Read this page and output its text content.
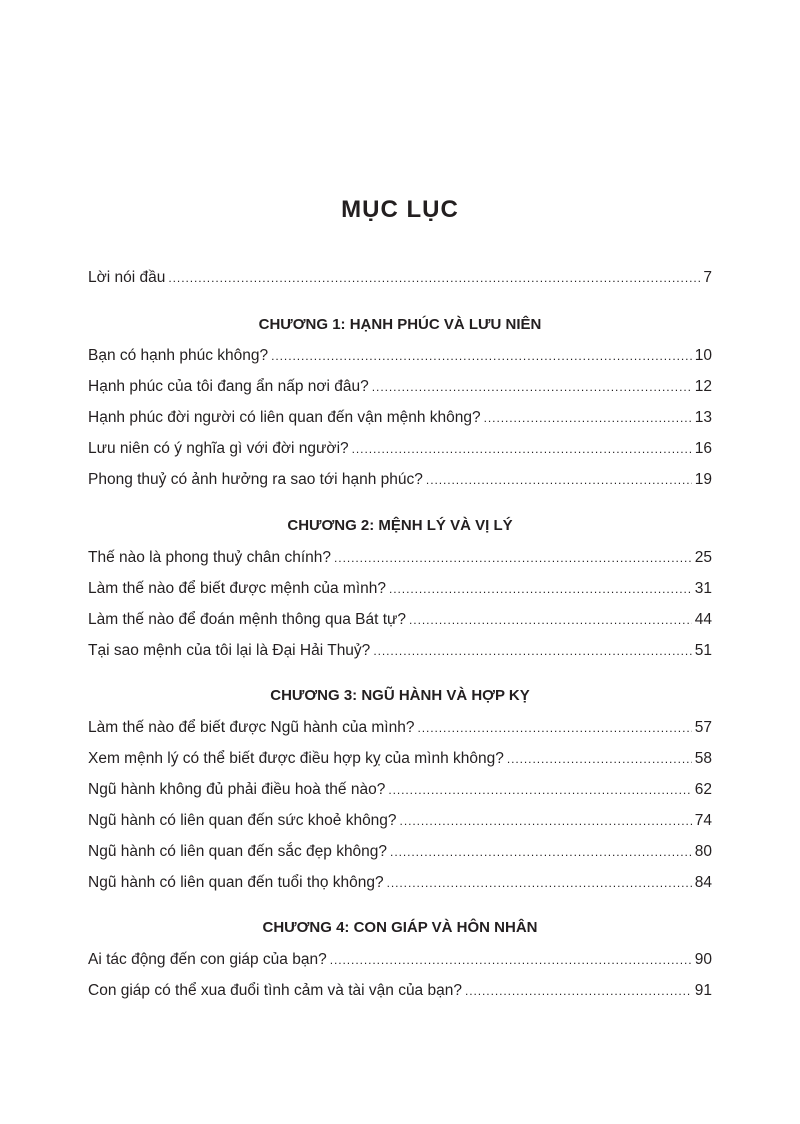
MỤC LỤC
Lời nói đầu . . .	7
CHƯƠNG 1: HẠNH PHÚC VÀ LƯU NIÊN
Bạn có hạnh phúc không? . . .	10
Hạnh phúc của tôi đang ẩn nấp nơi đâu? . . .	12
Hạnh phúc đời người có liên quan đến vận mệnh không? . . .	13
Lưu niên có ý nghĩa gì với đời người? . . .	16
Phong thuỷ có ảnh hưởng ra sao tới hạnh phúc? . . .	19
CHƯƠNG 2: MỆNH LÝ VÀ VỊ LÝ
Thế nào là phong thuỷ chân chính? . . .	25
Làm thế nào để biết được mệnh của mình? . . .	31
Làm thế nào để đoán mệnh thông qua Bát tự? . . .	44
Tại sao mệnh của tôi lại là Đại Hải Thuỷ? . . .	51
CHƯƠNG 3: NGŨ HÀNH VÀ HỢP KỴ
Làm thế nào để biết được Ngũ hành của mình? . . .	57
Xem mệnh lý có thể biết được điều hợp kỵ của mình không? . . .	58
Ngũ hành không đủ phải điều hoà thế nào? . . .	62
Ngũ hành có liên quan đến sức khoẻ không? . . .	74
Ngũ hành có liên quan đến sắc đẹp không? . . .	80
Ngũ hành có liên quan đến tuổi thọ không? . . .	84
CHƯƠNG 4: CON GIÁP VÀ HÔN NHÂN
Ai tác động đến con giáp của bạn? . . .	90
Con giáp có thể xua đuổi tình cảm và tài vận của bạn? . . .	91
